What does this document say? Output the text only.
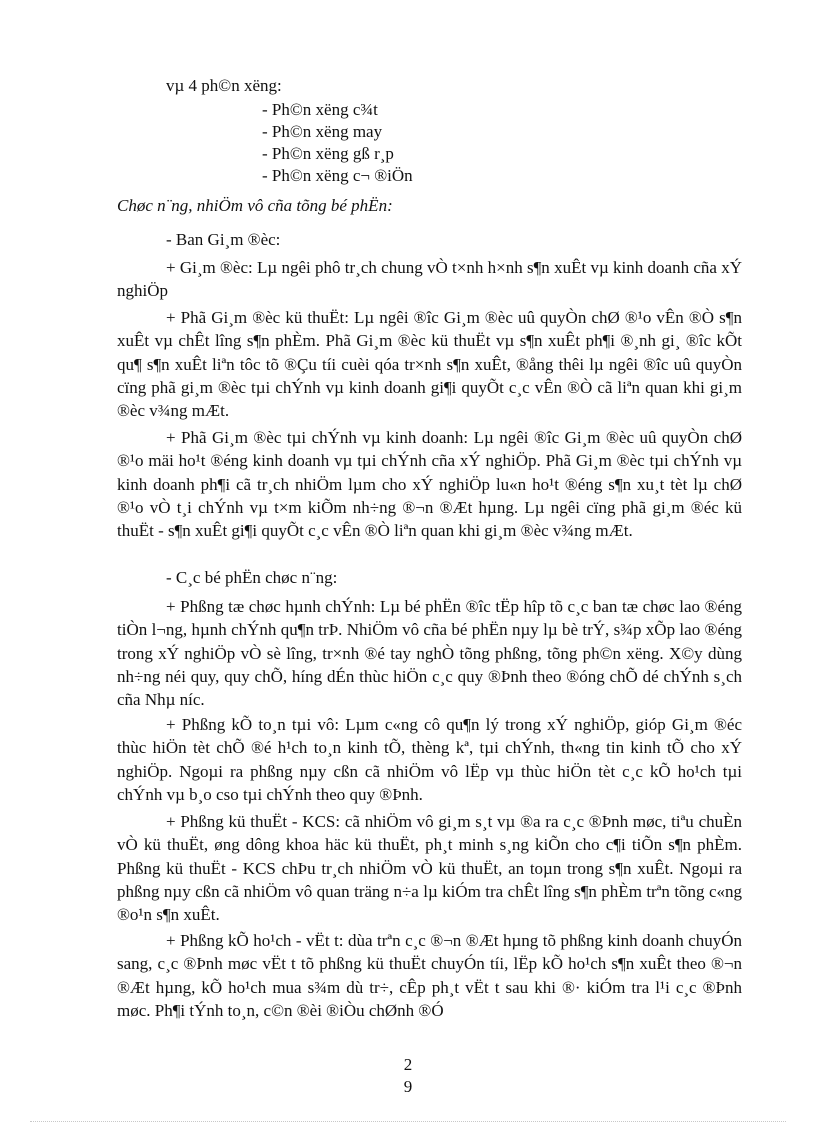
vµ 4 ph©n xëng:

- Ph©n xëng c¾t
- Ph©n xëng may
- Ph©n xëng gß r¸p
- Ph©n xëng c¬ ®iÖn

Chøc n¨ng, nhiÖm vô cña tõng bé phËn:

- Ban Gi¸m ®èc:

+ Gi¸m ®èc: Lµ ngêi phô tr¸ch chung vÒ t×nh h×nh s¶n xuÊt vµ kinh doanh cña xÝ nghiÖp

+ Phã Gi¸m ®èc kü thuËt: Lµ ngêi ®îc Gi¸m ®èc uû quyÒn chØ ®¹o vÊn ®Ò s¶n xuÊt vµ chÊt lîng s¶n phÈm. Phã Gi¸m ®èc kü thuËt vµ s¶n xuÊt ph¶i ®¸nh gi¸ ®îc kÕt qu¶ s¶n xuÊt liªn tôc tõ ®Çu tíi cuèi qóa tr×nh s¶n xuÊt, ®ång thêi lµ ngêi ®îc uû quyÒn cïng phã gi¸m ®èc tµi chÝnh vµ kinh doanh gi¶i quyÕt c¸c vÊn ®Ò cã liªn quan khi gi¸m ®èc v¾ng mÆt.

+ Phã Gi¸m ®èc tµi chÝnh vµ kinh doanh: Lµ ngêi ®îc Gi¸m ®èc uû quyÒn chØ ®¹o mäi ho¹t ®éng kinh doanh vµ tµi chÝnh cña xÝ nghiÖp. Phã Gi¸m ®èc tµi chÝnh vµ kinh doanh ph¶i cã tr¸ch nhiÖm lµm cho xÝ nghiÖp lu«n ho¹t ®éng s¶n xu¸t tèt lµ chØ ®¹o vÒ t¸i chÝnh vµ t×m kiÕm nh÷ng ®¬n ®Æt hµng. Lµ ngêi cïng phã gi¸m ®éc kü thuËt - s¶n xuÊt gi¶i quyÕt c¸c vÊn ®Ò liªn quan khi gi¸m ®èc v¾ng mÆt.

- C¸c bé phËn chøc n¨ng:

+ Phßng tæ chøc hµnh chÝnh: Lµ bé phËn ®îc tËp hîp tõ c¸c ban tæ chøc lao ®éng tiÒn l¬ng, hµnh chÝnh qu¶n trÞ. NhiÖm vô cña bé phËn nµy lµ bè trÝ, s¾p xÕp lao ®éng trong xÝ nghiÖp vÒ sè lîng, tr×nh ®é tay nghÒ tõng phßng, tõng ph©n xëng. X©y dùng nh÷ng néi quy, quy chÕ, híng dÉn thùc hiÖn c¸c quy ®Þnh theo ®óng chÕ dé chÝnh s¸ch cña Nhµ níc.

+ Phßng kÕ to¸n tµi vô: Lµm c«ng cô qu¶n lý trong xÝ nghiÖp, gióp Gi¸m ®éc thùc hiÖn tèt chÕ ®é h¹ch to¸n kinh tÕ, thèng kª, tµi chÝnh, th«ng tin kinh tÕ cho xÝ nghiÖp. Ngoµi ra phßng nµy cßn cã nhiÖm vô lËp vµ thùc hiÖn tèt c¸c kÕ ho¹ch tµi chÝnh vµ b¸o cso tµi chÝnh theo quy ®Þnh.

+ Phßng kü thuËt - KCS: cã nhiÖm vô gi¸m s¸t vµ ®a ra c¸c ®Þnh møc, tiªu chuÈn vÒ kü thuËt, øng dông khoa häc kü thuËt, ph¸t minh s¸ng kiÕn cho c¶i tiÕn s¶n phÈm. Phßng kü thuËt - KCS chÞu tr¸ch nhiÖm vÒ kü thuËt, an toµn trong s¶n xuÊt. Ngoµi ra phßng nµy cßn cã nhiÖm vô quan träng n÷a lµ kiÓm tra chÊt lîng s¶n phÈm trªn tõng c«ng ®o¹n s¶n xuÊt.

+ Phßng kÕ ho¹ch - vËt t: dùa trªn c¸c ®¬n ®Æt hµng tõ phßng kinh doanh chuyÓn sang, c¸c ®Þnh møc vËt t tõ phßng kü thuËt chuyÓn tíi, lËp kÕ ho¹ch s¶n xuÊt theo ®¬n ®Æt hµng, kÕ ho¹ch mua s¾m dù tr÷, cÊp ph¸t vËt t sau khi ®· kiÓm tra l¹i c¸c ®Þnh møc. Ph¶i tÝnh to¸n, c©n ®èi ®iÒu chØnh ®Ó

2

9
